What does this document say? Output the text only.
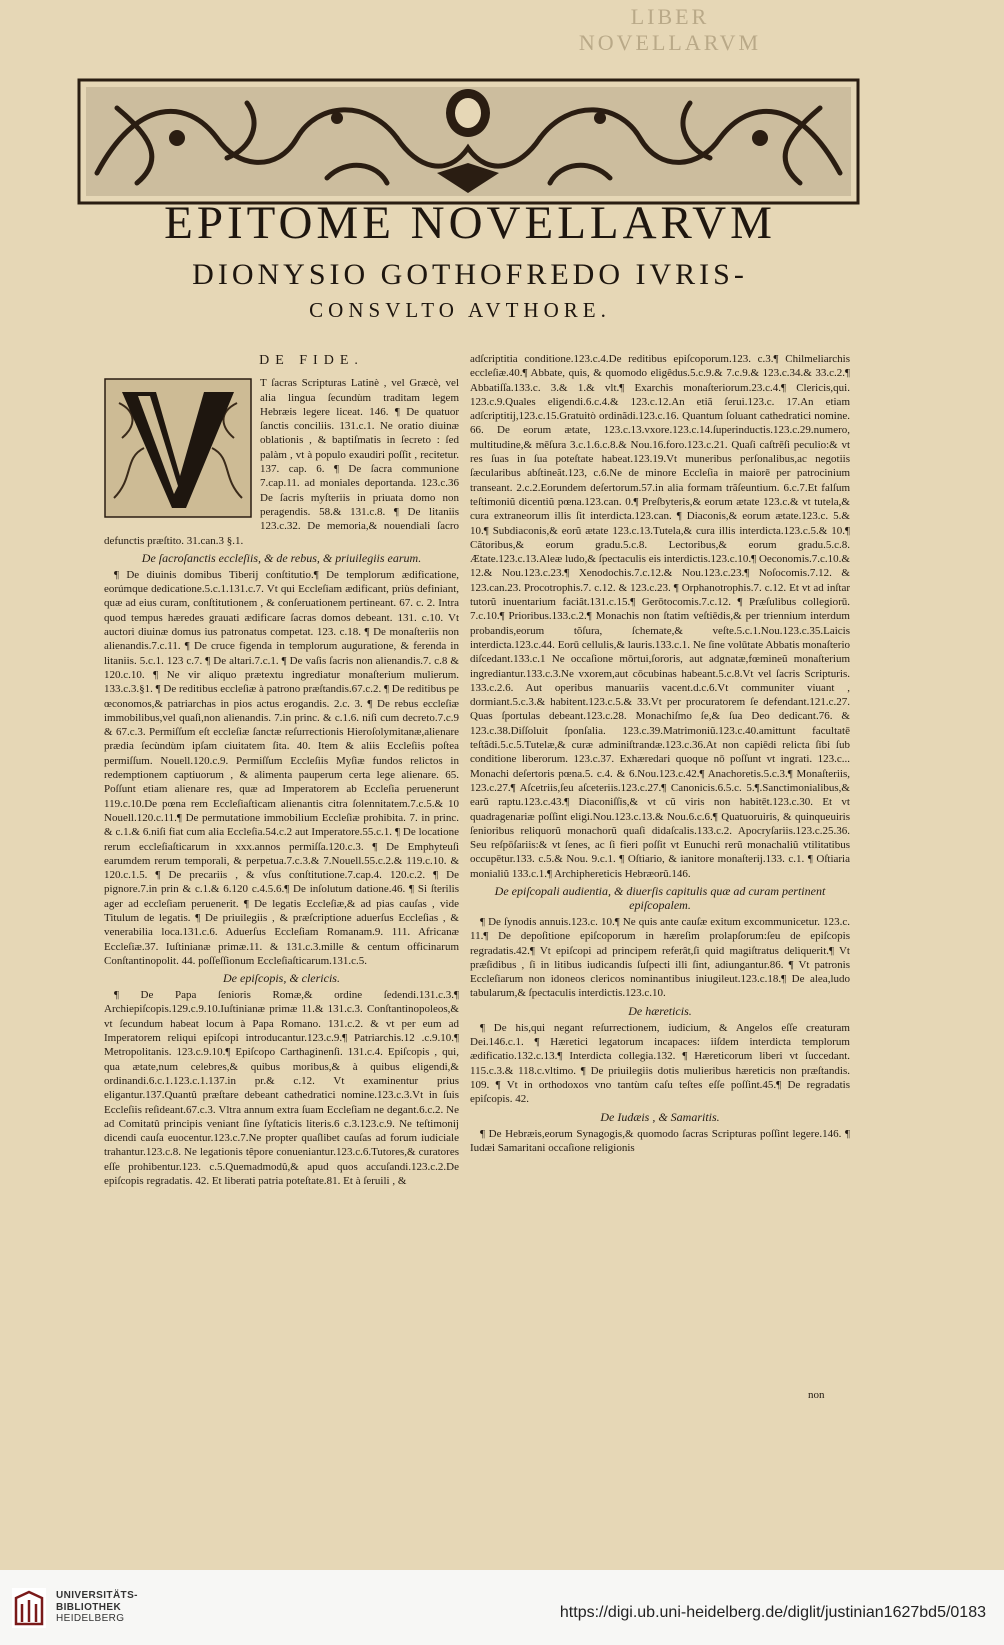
LIBER NOVELLARVM
EPITOME NOVELLARVM
DIONYSIO GOTHOFREDO IVRIS-
CONSVLTO AVTHORE.
DE FIDE.

T ſacras Scripturas Latinè , vel Græcè, vel alia lingua ſecundùm traditam legem Hebræis legere liceat. 146. ¶ De quatuor ſanctis conciliis. 131.c.1. Ne oratio diuinæ oblationis , & baptiſmatis in ſecreto : ſed palàm , vt à populo exaudiri poſſit , recitetur. 137. cap. 6. ¶ De ſacra communione 7.cap.11. ad moniales deportanda. 123.c.36 De ſacris myſteriis in priuata domo non peragendis. 58.& 131.c.8. ¶ De litaniis 123.c.32. De memoria,& nouendiali ſacro defunctis præſtito. 31.can.3 §.1.

De ſacroſanctis eccleſiis, & de rebus, & priuilegiis earum.

¶ De diuinis domibus Tiberij conſtitutio.¶ De templorum ædificatione, eorúmque dedicatione.5.c.1.131.c.7. Vt qui Eccleſiam ædificant, priùs definiant, quæ ad eius curam, conſtitutionem , & conſeruationem pertineant. 67. c. 2. Intra quod tempus hæredes grauati ædificare ſacras domos debeant. 131. c.10. Vt auctori diuinæ domus ius patronatus competat. 123. c.18. ¶ De monaſteriis non alienandis.7.c.11. ¶ De cruce figenda in templorum auguratione, & ferenda in litaniis. 5.c.1. 123 c.7. ¶ De altari.7.c.1. ¶ De vaſis ſacris non alienandis.7. c.8 & 120.c.10. ¶ Ne vir aliquo prætextu ingrediatur monaſterium mulierum. 133.c.3.§1. ¶ De reditibus eccleſiæ à patrono præſtandis.67.c.2. ¶ De reditibus pe œconomos,& patriarchas in pios actus erogandis. 2.c. 3. ¶ De rebus eccleſiæ immobilibus,vel quaſi,non alienandis. 7.in princ. & c.1.6. niſi cum decreto.7.c.9 & 67.c.3. Permiſſum eſt eccleſiæ ſanctæ reſurrectionis Hieroſolymitanæ,alienare prædia ſecùndùm ipſam ciuitatem ſita. 40. Item & aliis Eccleſiis poſtea permiſſum. Nouell.120.c.9. Permiſſum Eccleſiis Myſiæ fundos relictos in redemptionem captiuorum , & alimenta pauperum certa lege alienare. 65. Poſſunt etiam alienare res, quæ ad Imperatorem ab Eccleſia peruenerunt 119.c.10.De pœna rem Eccleſiaſticam alienantis citra ſolennitatem.7.c.5.& 10 Nouell.120.c.11.¶ De permutatione immobilium Eccleſiæ prohibita. 7. in princ. & c.1.& 6.niſi fiat cum alia Eccleſia.54.c.2 aut Imperatore.55.c.1. ¶ De locatione rerum eccleſiaſticarum in xxx.annos permiſſa.120.c.3. ¶ De Emphyteuſi earumdem rerum temporali, & perpetua.7.c.3.& 7.Nouell.55.c.2.& 119.c.10. & 120.c.1.5. ¶ De precariis , & vſus conſtitutione.7.cap.4. 120.c.2. ¶ De pignore.7.in prin & c.1.& 6.120 c.4.5.6.¶ De inſolutum datione.46. ¶ Si ſterilis ager ad eccleſiam peruenerit. ¶ De legatis Eccleſiæ,& ad pias cauſas , vide Titulum de legatis. ¶ De priuilegiis , & præſcriptione aduerſus Eccleſias , & venerabilia loca.131.c.6. Aduerſus Eccleſiam Romanam.9. 111. Africanæ Eccleſiæ.37. Iuſtinianæ primæ.11. & 131.c.3.mille & centum officinarum Conſtantinopolit. 44. poſſeſſionum Eccleſiaſticarum.131.c.5.

De epiſcopis, & clericis.

¶ De Papa ſenioris Romæ,& ordine ſedendi.131.c.3.¶ Archiepiſcopis.129.c.9.10.Iuſtinianæ primæ 11.& 131.c.3. Conſtantinopoleos,& vt ſecundum habeat locum à Papa Romano. 131.c.2. & vt per eum ad Imperatorem reliqui epiſcopi introducantur.123.c.9.¶ Patriarchis.12 .c.9.10.¶ Metropolitanis. 123.c.9.10.¶ Epiſcopo Carthaginenſi. 131.c.4. Epiſcopis , qui, qua ætate,num celebres,& quibus moribus,& à quibus eligendi,& ordinandi.6.c.1.123.c.1.137.in pr.& c.12. Vt examinentur prius eligantur.137.Quantû præſtare debeant cathedratici nomine.123.c.3.Vt in ſuis Eccleſiis reſideant.67.c.3. Vltra annum extra ſuam Eccleſiam ne degant.6.c.2. Ne ad Comitatû principis veniant ſine ſyſtaticis literis.6 c.3.123.c.9. Ne teſtimonij dicendi cauſa euocentur.123.c.7.Ne propter quaſlibet cauſas ad forum iudiciale trahantur.123.c.8. Ne legationis têpore conueniantur.123.c.6.Tutores,& curatores eſſe prohibentur.123. c.5.Quemadmodû,& apud quos accuſandi.123.c.2.De epiſcopis regradatis. 42. Et liberati patria poteſtate.81. Et à ſeruili , &

adſcriptitia conditione.123.c.4.De reditibus epiſcoporum.123. c.3.¶ Chilmeliarchis eccleſiæ.40.¶ Abbate, quis, & quomodo eligêdus.5.c.9.& 7.c.9.& 123.c.34.& 33.c.2.¶ Abbatiſſa.133.c. 3.& 1.& vlt.¶ Exarchis monaſteriorum.23.c.4.¶ Clericis,qui. 123.c.9.Quales eligendi.6.c.4.& 123.c.12.An etiã ſerui.123.c. 17.An etiam adſcriptitij,123.c.15.Gratuitò ordinãdi.123.c.16. Quantum ſoluant cathedratici nomine. 66. De eorum ætate, 123.c.13.vxore.123.c.14.ſuperinductis.123.c.29.numero, multitudine,& mēſura 3.c.1.6.c.8.& Nou.16.foro.123.c.21. Quaſi caſtrēſi peculio:& vt res ſuas in ſua poteſtate habeat.123.19.Vt muneribus perſonalibus,ac negotiis ſæcularibus abſtineãt.123, c.6.Ne de minore Eccleſia in maiorē per patrocinium transeant. 2.c.2.Eorundem deſertorum.57.in alia formam trãſeuntium. 6.c.7.Et falſum teſtimoniũ dicentiũ pœna.123.can. 0.¶ Preſbyteris,& eorum ætate 123.c.& vt tutela,& cura extraneorum illis ſit interdicta.123.can. ¶ Diaconis,& eorum ætate.123.c. 5.& 10.¶ Subdiaconis,& eorũ ætate 123.c.13.Tutela,& cura illis interdicta.123.c.5.& 10.¶ Cãtoribus,& eorum gradu.5.c.8. Lectoribus,& eorum gradu.5.c.8. Ætate.123.c.13.Aleæ ludo,& ſpectaculis eis interdictis.123.c.10.¶ Oeconomis.7.c.10.& 12.& Nou.123.c.23.¶ Xenodochis.7.c.12.& Nou.123.c.23.¶ Noſocomis.7.12. & 123.can.23. Procotrophis.7. c.12. & 123.c.23. ¶ Orphanotrophis.7. c.12. Et vt ad inſtar tutorũ inuentarium faciât.131.c.15.¶ Gerōtocomis.7.c.12. ¶ Præſulibus collegiorū. 7.c.10.¶ Prioribus.133.c.2.¶ Monachis non ſtatim veſtiēdis,& per triennium interdum probandis,eorum tõſura, ſchemate,& veſte.5.c.1.Nou.123.c.35.Laicis interdicta.123.c.44. Eorū cellulis,& lauris.133.c.1. Ne ſine volūtate Abbatis monaſterio diſcedant.133.c.1 Ne occaſione mōrtui,ſororis, aut adgnatæ,fœmineũ monaſterium ingrediantur.133.c.3.Ne vxorem,aut cōcubinas habeant.5.c.8.Vt vel ſacris Scripturis. 133.c.2.6. Aut operibus manuariis vacent.d.c.6.Vt communiter viuant , dormiant.5.c.3.& habitent.123.c.5.& 33.Vt per procuratorem ſe defendant.121.c.27. Quas ſportulas debeant.123.c.28. Monachiſmo ſe,& ſua Deo dedicant.76. & 123.c.38.Diſſoluit ſponſalia. 123.c.39.Matrimoniũ.123.c.40.amittunt facultatē teſtãdi.5.c.5.Tutelæ,& curæ adminiſtrandæ.123.c.36.At non capiēdi relicta ſibi ſub conditione liberorum. 123.c.37. Exhæredari quoque nō poſſunt vt ingrati. 123.c... Monachi deſertoris pœna.5. c.4. & 6.Nou.123.c.42.¶ Anachoretis.5.c.3.¶ Monaſteriis, 123.c.27.¶ Aſcetriis,ſeu aſceteriis.123.c.27.¶ Canonicis.6.5.c. 5.¶.Sanctimonialibus,& earũ raptu.123.c.43.¶ Diaconiſſis,& vt cũ viris non habitēt.123.c.30. Et vt quadragenariæ poſſint eligi.Nou.123.c.13.& Nou.6.c.6.¶ Quatuoruiris, & quinqueuiris ſenioribus reliquorũ monachorũ quaſi didaſcalis.133.c.2. Apocryſariis.123.c.25.36. Seu reſpōſariis:& vt ſenes, ac ſi fieri poſſit vt Eunuchi rerũ monachaliũ vtilitatibus occupētur.133. c.5.& Nou. 9.c.1. ¶ Oſtiario, & ianitore monaſterij.133. c.1. ¶ Oſtiaria monialiũ 133.c.1.¶ Archiphereticis Hebræorũ.146.

De epiſcopali audientia, & diuerſis capitulis quæ ad curam pertinent epiſcopalem.

¶ De ſynodis annuis.123.c. 10.¶ Ne quis ante cauſæ exitum excommunicetur. 123.c. 11.¶ De depoſitione epiſcoporum in hæreſim prolapſorum:ſeu de epiſcopis regradatis.42.¶ Vt epiſcopi ad principem referât,ſi quid magiſtratus deliquerit.¶ Vt præſidibus , ſi in litibus iudicandis ſuſpecti illi ſint, adiungantur.86. ¶ Vt patronis Eccleſiarum non idoneos clericos nominantibus iniugileut.123.c.18.¶ De alea,ludo tabularum,& ſpectaculis interdictis.123.c.10.

De hæreticis.

¶ De his,qui negant reſurrectionem, iudicium, & Angelos eſſe creaturam Dei.146.c.1. ¶ Hæretici legatorum incapaces: iiſdem interdicta templorum ædificatio.132.c.13.¶ Interdicta collegia.132. ¶ Hæreticorum liberi vt ſuccedant. 115.c.3.& 118.c.vltimo. ¶ De priuilegiis dotis mulieribus hæreticis non præſtandis. 109. ¶ Vt in orthodoxos vno tantùm caſu teſtes eſſe poſſint.45.¶ De regradatis epiſcopis. 42.

De Iudæis , & Samaritis.

¶ De Hebræis,eorum Synagogis,& quomodo ſacras Scripturas poſſint legere.146. ¶ Iudæi Samaritani occaſione religionis

non
UNIVERSITÄTS-
BIBLIOTHEK
HEIDELBERG	https://digi.ub.uni-heidelberg.de/diglit/justinian1627bd5/0183
